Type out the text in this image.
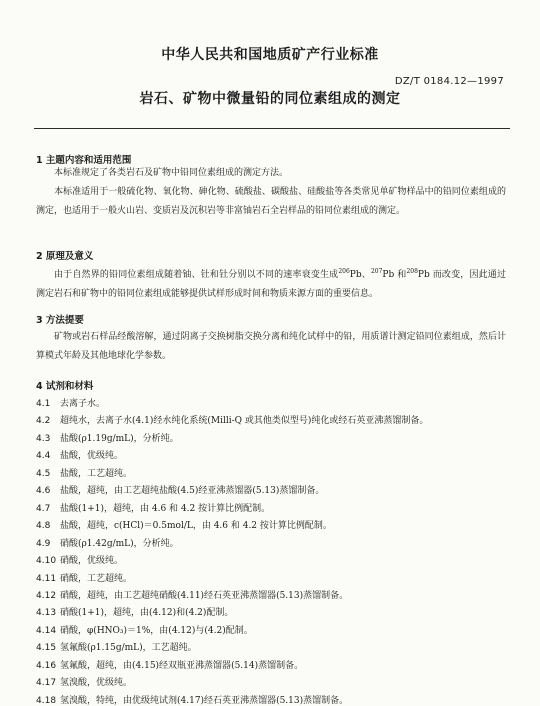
中华人民共和国地质矿产行业标准
DZ/T 0184.12—1997
岩石、矿物中微量铅的同位素组成的测定
1 主题内容和适用范围
本标准规定了各类岩石及矿物中铅同位素组成的测定方法。
本标准适用于一般硫化物、氧化物、砷化物、硫酸盐、碳酸盐、硅酸盐等各类常见单矿物样品中的铅同位素组成的测定，也适用于一般火山岩、变质岩及沉积岩等非富铀岩石全岩样品的铅同位素组成的测定。
2 原理及意义
由于自然界的铅同位素组成随着铀、钍和钍分别以不同的速率衰变生成$^{206}$Pb、$^{207}$Pb 和$^{208}$Pb 而改变，因此通过测定岩石和矿物中的铅同位素组成能够提供试样形成时间和物质来源方面的重要信息。
3 方法提要
矿物或岩石样品经酸溶解，通过阴离子交换树脂交换分离和纯化试样中的铅，用质谱计测定铅同位素组成，然后计算模式年龄及其他地球化学参数。
4 试剂和材料
4.1 去离子水。
4.2 超纯水，去离子水(4.1)经水纯化系统(Milli-Q 或其他类似型号)纯化或经石英亚沸蒸馏制备。
4.3 盐酸(ρ1.19g/mL)，分析纯。
4.4 盐酸，优级纯。
4.5 盐酸，工艺超纯。
4.6 盐酸，超纯，由工艺超纯盐酸(4.5)经亚沸蒸馏器(5.13)蒸馏制备。
4.7 盐酸(1+1)，超纯，由 4.6 和 4.2 按计算比例配制。
4.8 盐酸，超纯，c(HCl)＝0.5mol/L，由 4.6 和 4.2 按计算比例配制。
4.9 硝酸(ρ1.42g/mL)，分析纯。
4.10 硝酸，优级纯。
4.11 硝酸，工艺超纯。
4.12 硝酸，超纯，由工艺超纯硝酸(4.11)经石英亚沸蒸馏器(5.13)蒸馏制备。
4.13 硝酸(1+1)，超纯，由(4.12)和(4.2)配制。
4.14 硝酸，φ(HNO₃)＝1%，由(4.12)与(4.2)配制。
4.15 氢氟酸(ρ1.15g/mL)，工艺超纯。
4.16 氢氟酸，超纯，由(4.15)经双瓶亚沸蒸馏器(5.14)蒸馏制备。
4.17 氢溴酸，优级纯。
4.18 氢溴酸，特纯，由优级纯试剂(4.17)经石英亚沸蒸馏器(5.13)蒸馏制备。
